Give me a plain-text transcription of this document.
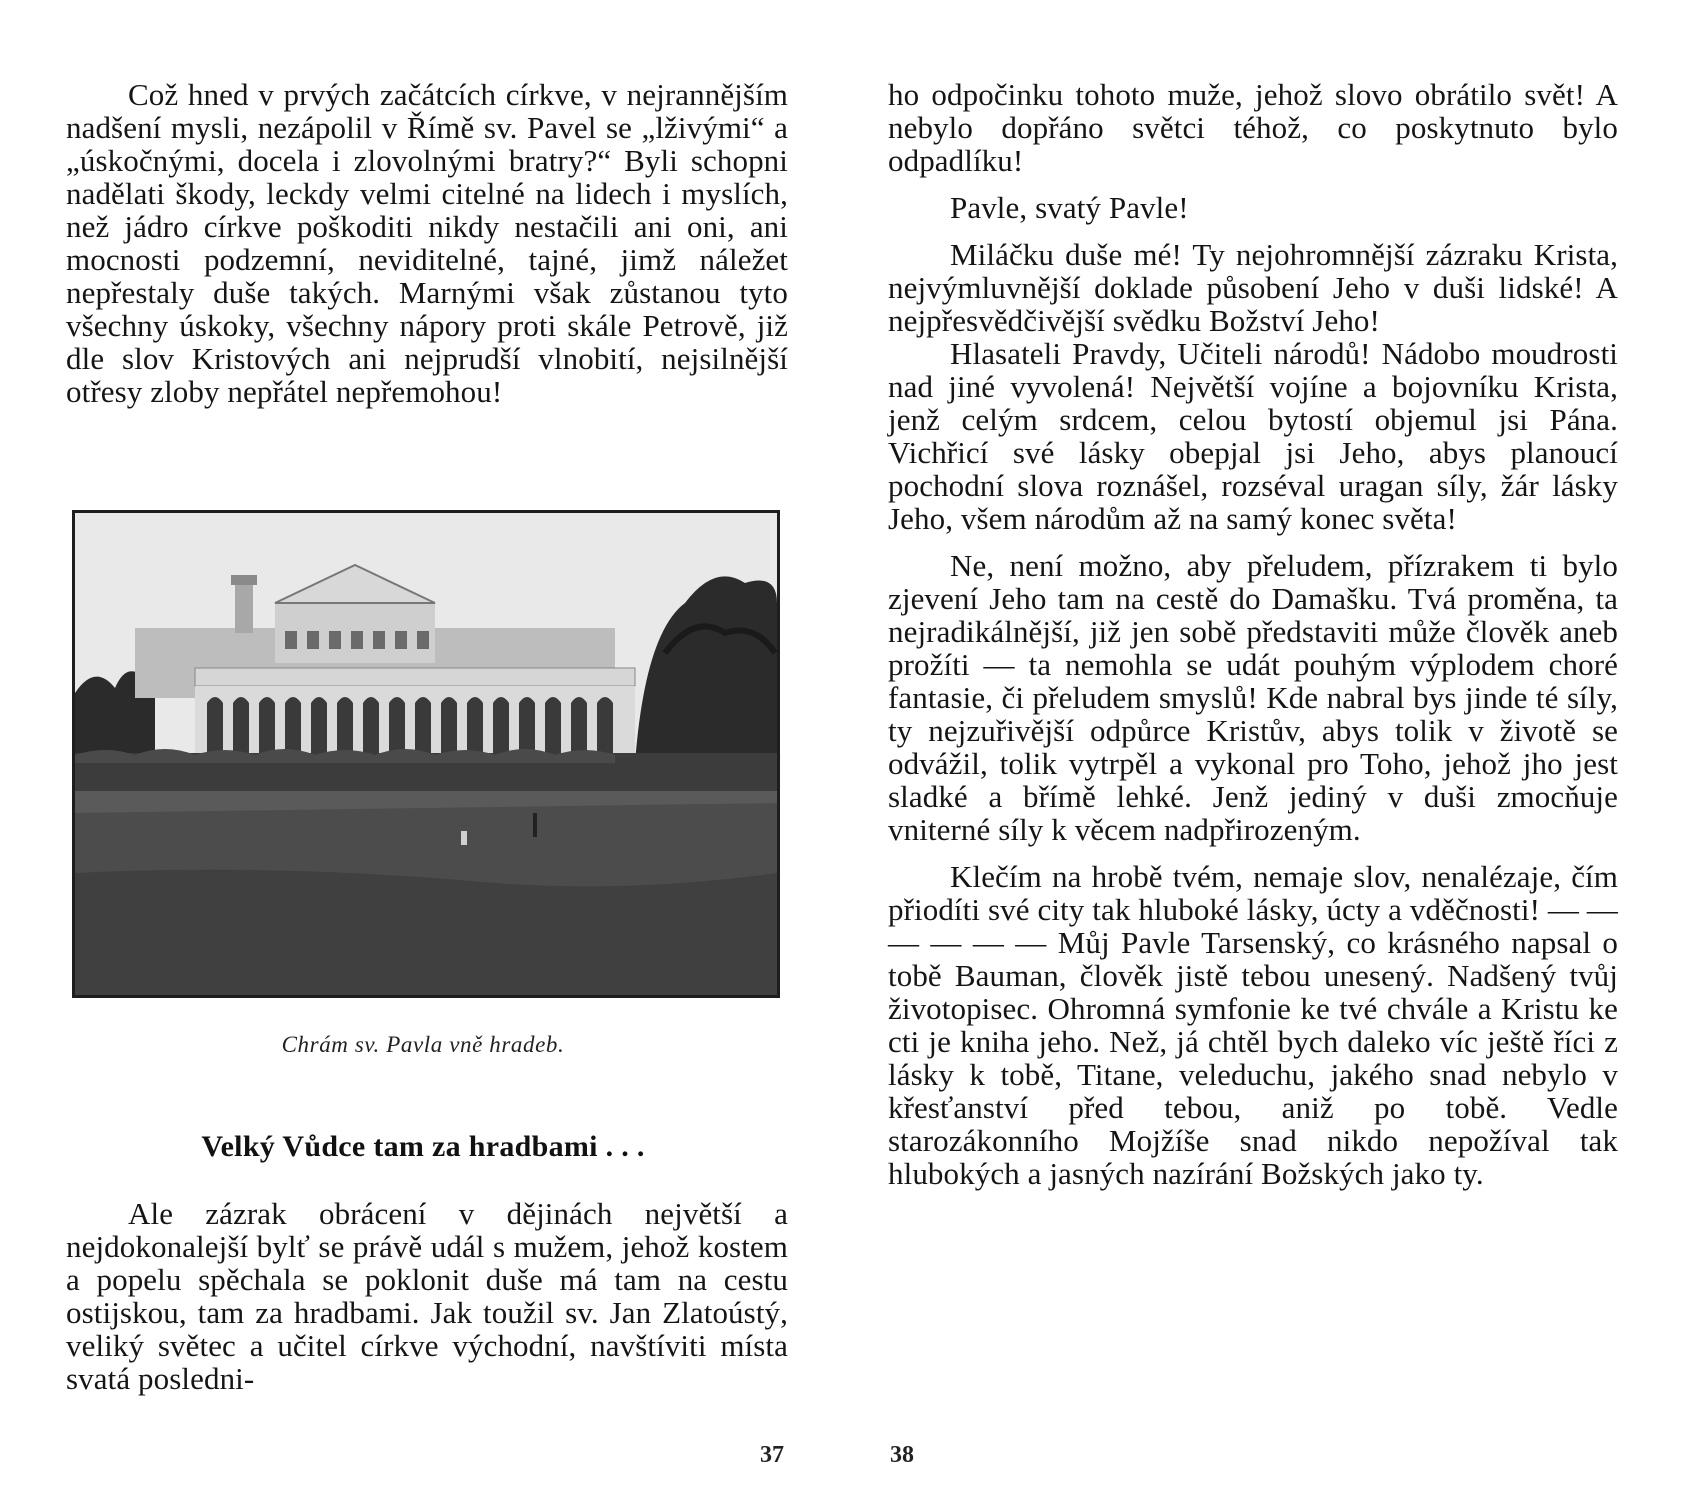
Což hned v prvých začátcích církve, v nejrannějším nadšení mysli, nezápolil v Římě sv. Pavel se „lživými“ a „úskočnými, docela i zlovolnými bratry?“ Byli schopni nadělati škody, leckdy velmi citelné na lidech i myslích, než jádro církve poškoditi nikdy nestačili ani oni, ani mocnosti podzemní, neviditelné, tajné, jimž náležet nepřestaly duše takých. Marnými však zůstanou tyto všechny úskoky, všechny nápory proti skále Petrově, již dle slov Kristových ani nejprudší vlnobití, nejsilnější otřesy zloby nepřátel nepřemohou!

Chrám sv. Pavla vně hradeb.
Velký Vůdce tam za hradbami . . .

Ale zázrak obrácení v dějinách největší a nejdokonalejší bylť se právě udál s mužem, jehož kostem a popelu spěchala se poklonit duše má tam na cestu ostijskou, tam za hradbami. Jak toužil sv. Jan Zlatoústý, veliký světec a učitel církve východní, navštíviti místa svatá posledni-

37

ho odpočinku tohoto muže, jehož slovo obrátilo svět! A nebylo dopřáno světci téhož, co poskytnuto bylo odpadlíku!

Pavle, svatý Pavle!

Miláčku duše mé! Ty nejohromnější zázraku Krista, nejvýmluvnější doklade působení Jeho v duši lidské! A nejpřesvědčivější svědku Božství Jeho!

Hlasateli Pravdy, Učiteli národů! Nádobo moudrosti nad jiné vyvolená! Největší vojíne a bojovníku Krista, jenž celým srdcem, celou bytostí objemul jsi Pána. Vichřicí své lásky obepjal jsi Jeho, abys planoucí pochodní slova roznášel, rozséval uragan síly, žár lásky Jeho, všem národům až na samý konec světa!

Ne, není možno, aby přeludem, přízrakem ti bylo zjevení Jeho tam na cestě do Damašku. Tvá proměna, ta nejradikálnější, již jen sobě představiti může člověk aneb prožíti — ta nemohla se udát pouhým výplodem choré fantasie, či přeludem smyslů! Kde nabral bys jinde té síly, ty nejzuřivější odpůrce Kristův, abys tolik v životě se odvážil, tolik vytrpěl a vykonal pro Toho, jehož jho jest sladké a břímě lehké. Jenž jediný v duši zmocňuje vniterné síly k věcem nadpřirozeným.

Klečím na hrobě tvém, nemaje slov, nenalézaje, čím přiodíti své city tak hluboké lásky, úcty a vděčnosti! — — — — — — Můj Pavle Tarsenský, co krásného napsal o tobě Bauman, člověk jistě tebou unesený. Nadšený tvůj životopisec. Ohromná symfonie ke tvé chvále a Kristu ke cti je kniha jeho. Než, já chtěl bych daleko víc ještě říci z lásky k tobě, Titane, veleduchu, jakého snad nebylo v křesťanství před tebou, aniž po tobě. Vedle starozákonního Mojžíše snad nikdo nepožíval tak hlubokých a jasných nazírání Božských jako ty.

38
